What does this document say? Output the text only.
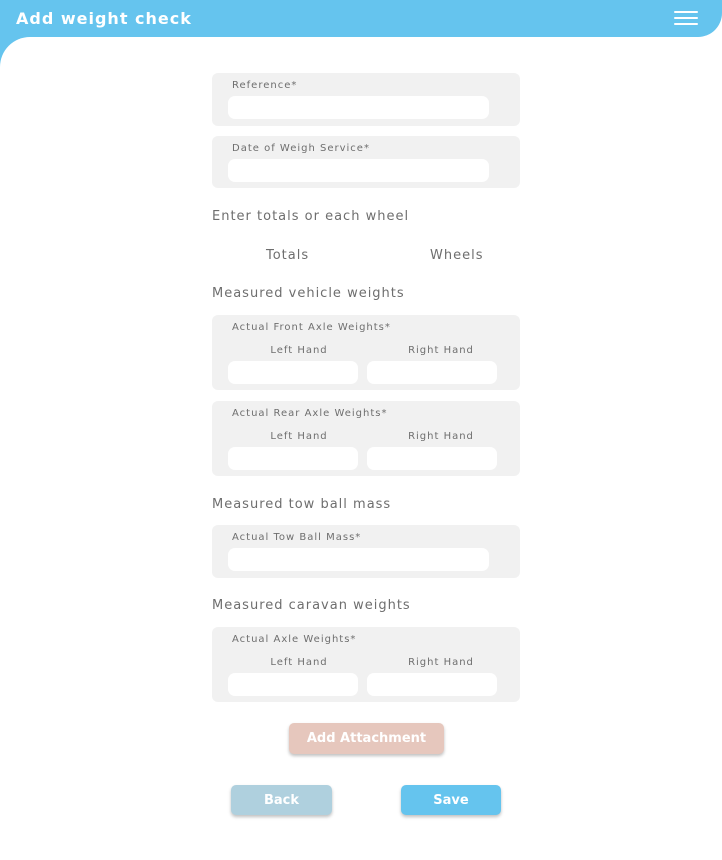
Add weight check
Reference*
Date of Weigh Service*
Enter totals or each wheel
Totals	Wheels
Measured vehicle weights
Actual Front Axle Weights*
Left Hand	Right Hand
Actual Rear Axle Weights*
Left Hand	Right Hand
Measured tow ball mass
Actual Tow Ball Mass*
Measured caravan weights
Actual Axle Weights*
Left Hand	Right Hand
Add Attachment
Back	Save
